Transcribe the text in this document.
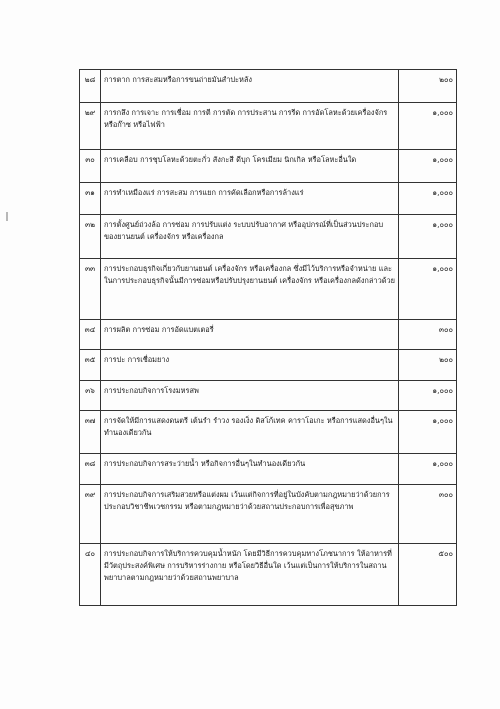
๒๘	การตาก การสะสมหรือการขนถ่ายมันสำปะหลัง	๒๐๐
๒๙	การกลึง การเจาะ การเชื่อม การตี การตัด การประสาน การรีด การอัดโลหะด้วยเครื่องจักร หรือก๊าซ หรือไฟฟ้า	๑,๐๐๐
๓๐	การเคลือบ การชุบโลหะด้วยตะกั่ว สังกะสี ดีบุก โครเมียม นิกเกิล หรือโลหะอื่นใด	๑,๐๐๐
๓๑	การทำเหมืองแร่ การสะสม การแยก การคัดเลือกหรือการล้างแร่	๑,๐๐๐
๓๒	การตั้งศูนย์ถ่วงล้อ การซ่อม การปรับแต่ง ระบบปรับอากาศ หรืออุปกรณ์ที่เป็นส่วนประกอบของยานยนต์ เครื่องจักร หรือเครื่องกล	๑,๐๐๐
๓๓	การประกอบธุรกิจเกี่ยวกับยานยนต์ เครื่องจักร หรือเครื่องกล ซึ่งมีไว้บริการหรือจำหน่าย และในการประกอบธุรกิจนั้นมีการซ่อมหรือปรับปรุงยานยนต์ เครื่องจักร หรือเครื่องกลดังกล่าวด้วย	๑,๐๐๐
๓๔	การผลิต การซ่อม การอัดแบตเตอรี่	๓๐๐
๓๕	การปะ การเชื่อมยาง	๒๐๐
๓๖	การประกอบกิจการโรงมหรสพ	๑,๐๐๐
๓๗	การจัดให้มีการแสดงดนตรี เต้นรำ รำวง รองเง็ง ดิสโก้เทค คาราโอเกะ หรือการแสดงอื่นๆในทำนองเดียวกัน	๑,๐๐๐
๓๘	การประกอบกิจการสระว่ายน้ำ หรือกิจการอื่นๆในทำนองเดียวกัน	๑,๐๐๐
๓๙	การประกอบกิจการเสริมสวยหรือแต่งผม เว้นแต่กิจการที่อยู่ในบังคับตามกฎหมายว่าด้วยการประกอบวิชาชีพเวชกรรม หรือตามกฎหมายว่าด้วยสถานประกอบการเพื่อสุขภาพ	๓๐๐
๔๐	การประกอบกิจการให้บริการควบคุมน้ำหนัก โดยมีวิธีการควบคุมทางโภชนาการ ให้อาหารที่มีวัตถุประสงค์พิเศษ การบริหารร่างกาย หรือโดยวิธีอื่นใด เว้นแต่เป็นการให้บริการในสถานพยาบาลตามกฎหมายว่าด้วยสถานพยาบาล	๕๐๐
